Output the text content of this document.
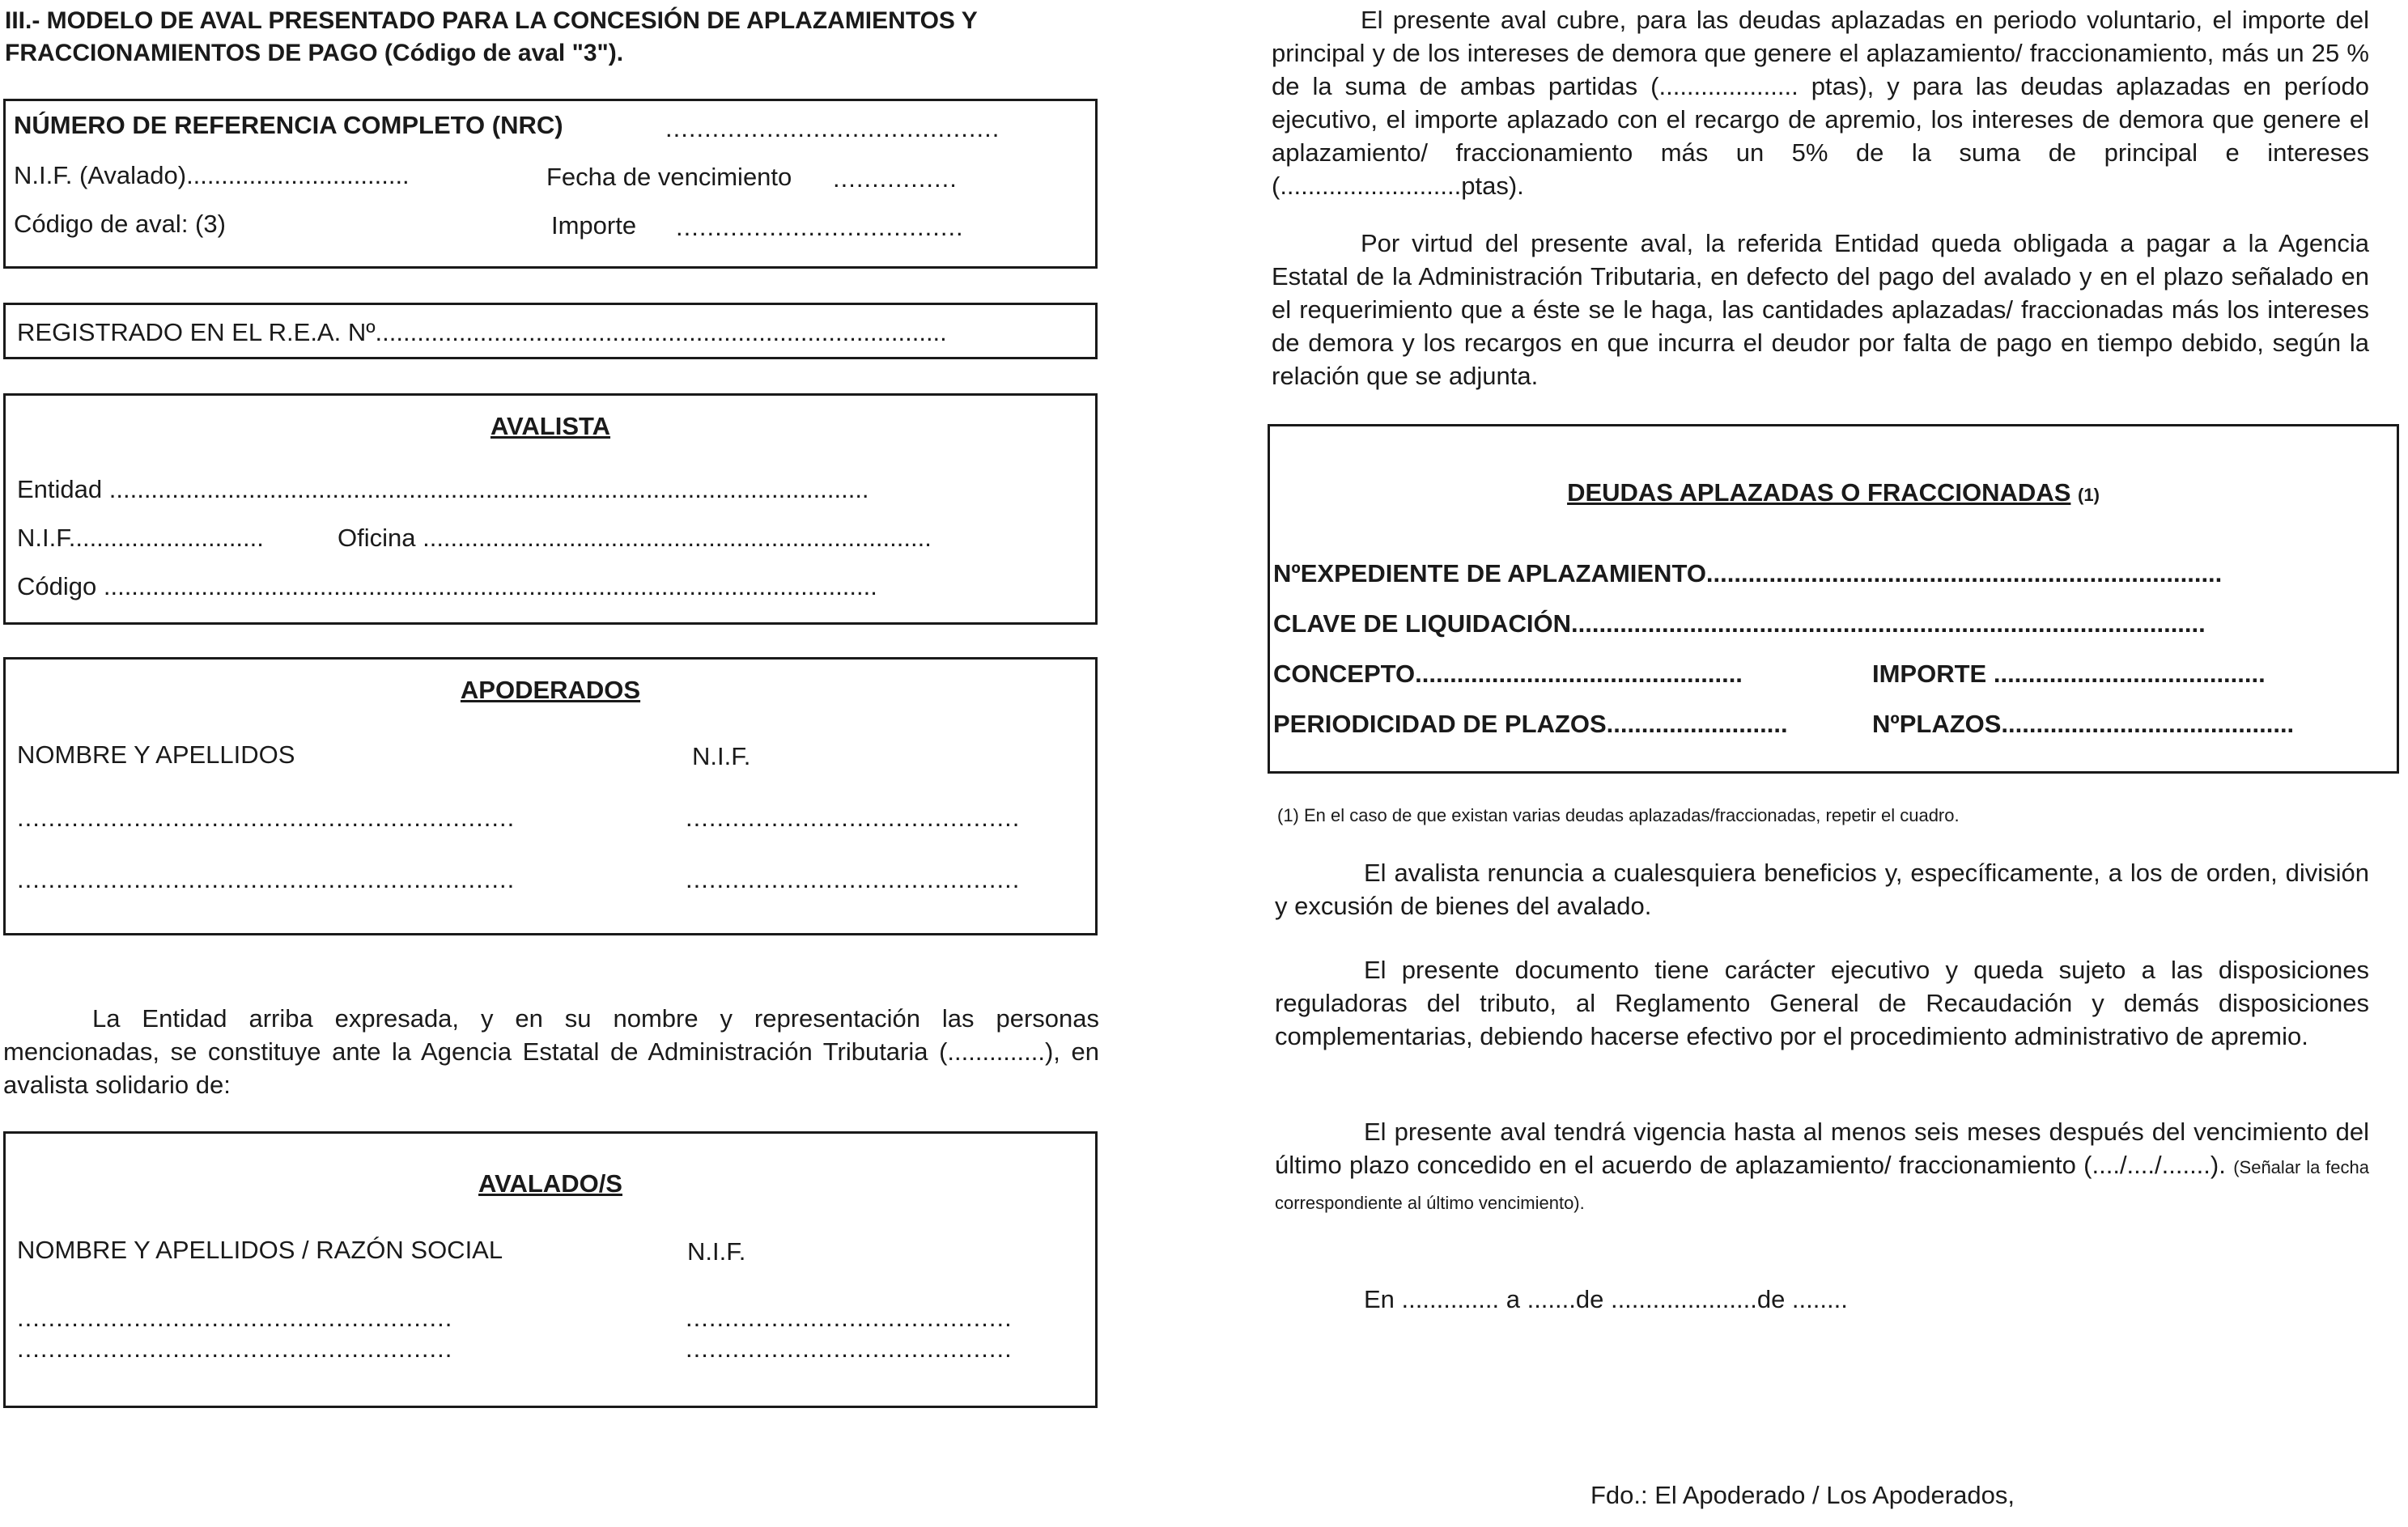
III.- MODELO DE AVAL PRESENTADO PARA LA CONCESIÓN DE APLAZAMIENTOS Y FRACCIONAMIENTOS DE PAGO (Código de aval "3").
NÚMERO DE REFERENCIA COMPLETO (NRC)	...........................................
N.I.F. (Avalado)................................	Fecha de vencimiento ................
Código de aval: (3)	Importe .....................................
REGISTRADO EN EL R.E.A. Nº..................................................................................
AVALISTA
Entidad .............................................................................................................
N.I.F............................	Oficina .........................................................................
Código ...............................................................................................................
APODERADOS
NOMBRE Y APELLIDOS	N.I.F.
................................................................	...........................................
................................................................	...........................................
La Entidad arriba expresada, y en su nombre y representación las personas mencionadas, se constituye ante la Agencia Estatal de Administración Tributaria (..............), en avalista solidario de:
AVALADO/S
NOMBRE Y APELLIDOS / RAZÓN SOCIAL	N.I.F.
........................................................	..........................................
........................................................	..........................................
El presente aval cubre, para las deudas aplazadas en periodo voluntario, el importe del principal y de los intereses de demora que genere el aplazamiento/ fraccionamiento, más un 25 % de la suma de ambas partidas (.................... ptas), y para las deudas aplazadas en período ejecutivo, el importe aplazado con el recargo de apremio, los intereses de demora que genere el aplazamiento/ fraccionamiento más un 5% de la suma de principal e intereses (..........................ptas).
Por virtud del presente aval, la referida Entidad queda obligada a pagar a la Agencia Estatal de la Administración Tributaria, en defecto del pago del avalado y en el plazo señalado en el requerimiento que a éste se le haga, las cantidades aplazadas/ fraccionadas más los intereses de demora y los recargos en que incurra el deudor por falta de pago en tiempo debido, según la relación que se adjunta.
DEUDAS APLAZADAS O FRACCIONADAS (1)
NºEXPEDIENTE DE APLAZAMIENTO..........................................................................
CLAVE DE LIQUIDACIÓN...........................................................................................
CONCEPTO...............................................	IMPORTE .......................................
PERIODICIDAD DE PLAZOS..........................	NºPLAZOS..........................................
(1) En el caso de que existan varias deudas aplazadas/fraccionadas, repetir el cuadro.
El avalista renuncia a cualesquiera beneficios y, específicamente, a los de orden, división y excusión de bienes del avalado.
El presente documento tiene carácter ejecutivo y queda sujeto a las disposiciones reguladoras del tributo, al Reglamento General de Recaudación y demás disposiciones complementarias, debiendo hacerse efectivo por el procedimiento administrativo de apremio.
El presente aval tendrá vigencia hasta al menos seis meses después del vencimiento del último plazo concedido en el acuerdo de aplazamiento/ fraccionamiento (..../..../.......). (Señalar la fecha correspondiente al último vencimiento).
En .............. a .......de .....................de ........
Fdo.: El Apoderado / Los Apoderados,
